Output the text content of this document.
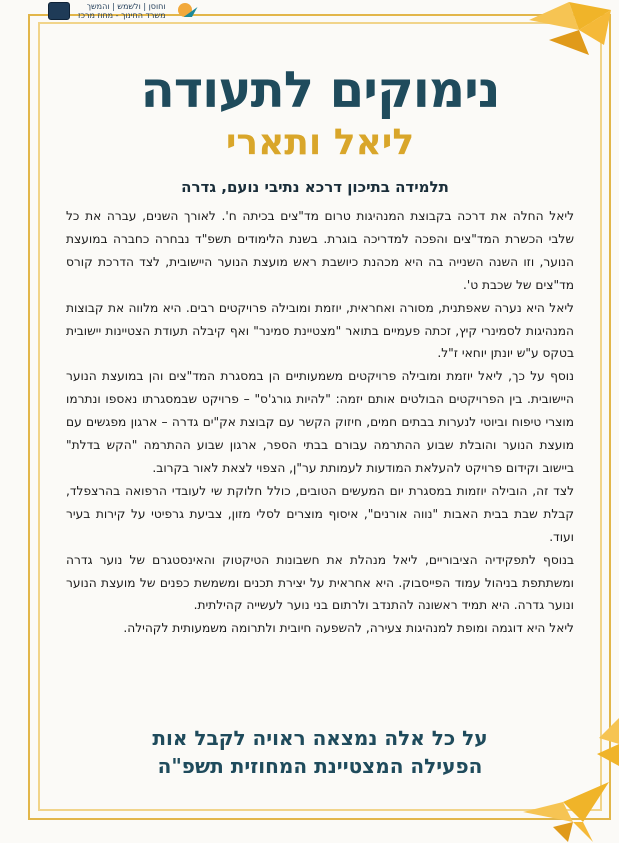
וחוסן | ולשמש | והמשך
משרד החינוך - מחוז מרכז
נימוקים לתעודה
ליאל ותארי
תלמידה בתיכון דרכא נתיבי נועם, גדרה

ליאל החלה את דרכה בקבוצת המנהיגות טרום מד"צים בכיתה ח'. לאורך השנים, עברה את כל שלבי הכשרת המד"צים והפכה למדריכה בוגרת. בשנת הלימודים תשפ"ד נבחרה כחברה במועצת הנוער, וזו השנה השנייה בה היא מכהנת כיושבת ראש מועצת הנוער היישובית, לצד הדרכת קורס מד"צים של שכבת ט'.

ליאל היא נערה שאפתנית, מסורה ואחראית, יוזמת ומובילה פרויקטים רבים. היא מלווה את קבוצות המנהיגות לסמינרי קיץ, זכתה פעמיים בתואר "מצטיינת סמינר" ואף קיבלה תעודת הצטיינות יישובית בטקס ע"ש יונתן יוחאי ז"ל.

נוסף על כך, ליאל יוזמת ומובילה פרויקטים משמעותיים הן במסגרת המד"צים והן במועצת הנוער היישובית. בין הפרויקטים הבולטים אותם יזמה: "להיות גורג'ס" – פרויקט שבמסגרתו נאספו ונתרמו מוצרי טיפוח וביוטי לנערות בבתים חמים, חיזוק הקשר עם קבוצת אק"ים גדרה – ארגון מפגשים עם מועצת הנוער והובלת שבוע ההתרמה עבורם בבתי הספר, ארגון שבוע ההתרמה "הקש בדלת" ביישוב וקידום פרויקט להעלאת המודעות לעמותת ער"ן, הצפוי לצאת לאור בקרוב.

לצד זה, הובילה יוזמות במסגרת יום המעשים הטובים, כולל חלוקת שי לעובדי הרפואה בהרצפלד, קבלת שבת בבית האבות "נווה אורנים", איסוף מוצרים לסלי מזון, צביעת גרפיטי על קירות בעיר ועוד.

בנוסף לתפקידיה הציבוריים, ליאל מנהלת את חשבונות הטיקטוק והאינסטגרם של נוער גדרה ומשתתפת בניהול עמוד הפייסבוק. היא אחראית על יצירת תכנים ומשמשת כפנים של מועצת הנוער ונוער גדרה. היא תמיד ראשונה להתנדב ולרתום בני נוער לעשייה קהילתית.

ליאל היא דוגמה ומופת למנהיגות צעירה, להשפעה חיובית ולתרומה משמעותית לקהילה.

על כל אלה נמצאה ראויה לקבל אות
הפעילה המצטיינת המחוזית תשפ"ה
